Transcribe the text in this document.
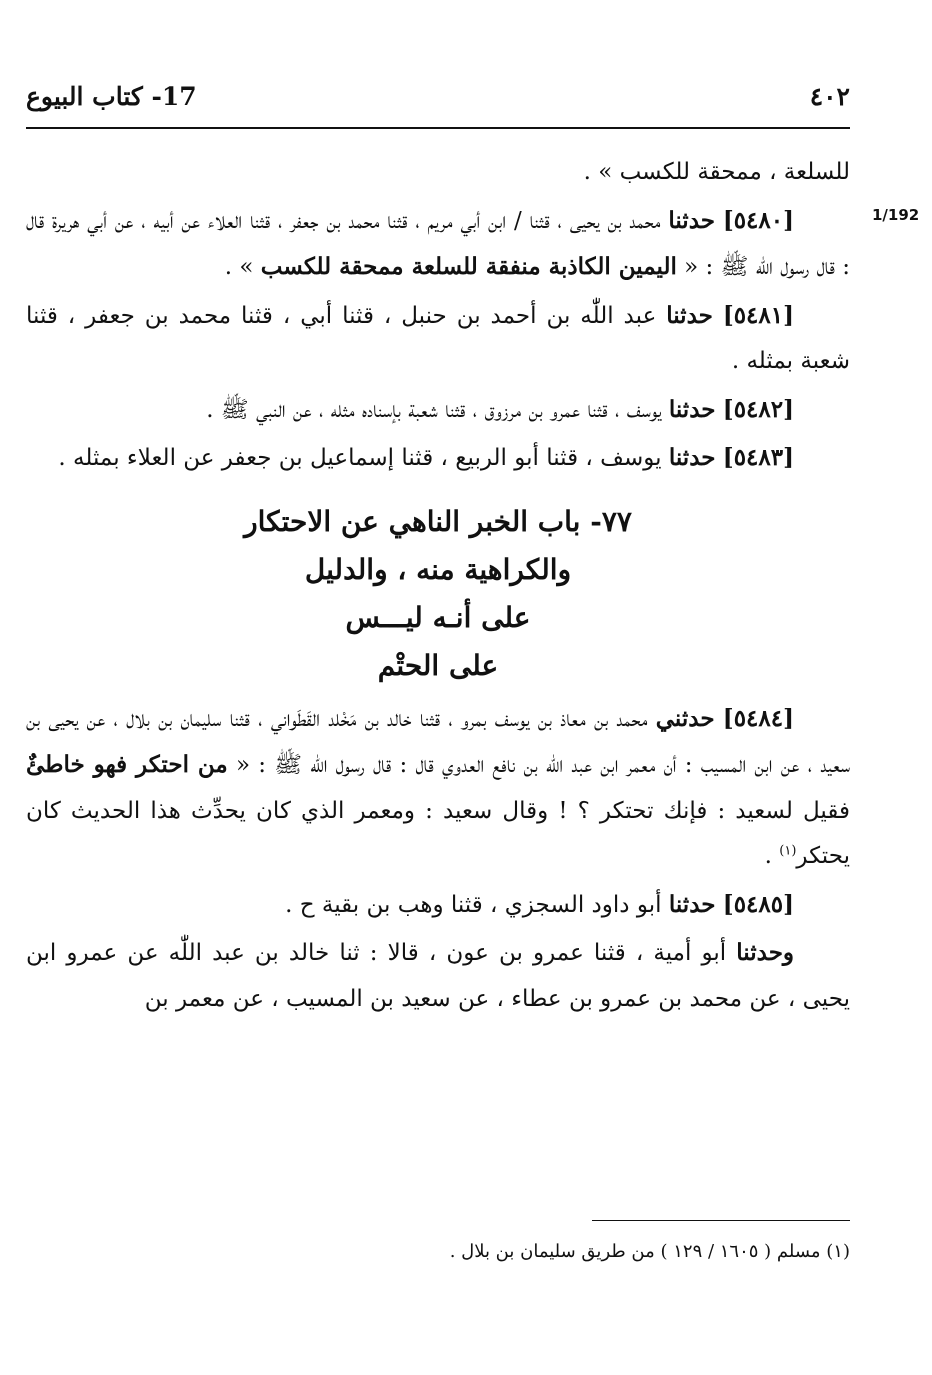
٤٠٢
17- كتاب البيوع
1/192

للسلعة ، ممحقة للكسب » .

[٥٤٨٠] حدثنا محمد بن يحيى ، قثنا / ابن أبي مريم ، قثنا محمد بن جعفر ، قثنا العلاء عن أبيه ، عن أبي هريرة قال : قال رسول اللّٰه ﷺ : « اليمين الكاذبة منفقة للسلعة ممحقة للكسب » .

[٥٤٨١] حدثنا عبد اللّٰه بن أحمد بن حنبل ، قثنا أبي ، قثنا محمد بن جعفر ، قثنا شعبة بمثله .

[٥٤٨٢] حدثنا يوسف ، قثنا عمرو بن مرزوق ، قثنا شعبة بإسناده مثله ، عن النبي ﷺ .

[٥٤٨٣] حدثنا يوسف ، قثنا أبو الربيع ، قثنا إسماعيل بن جعفر عن العلاء بمثله .

٧٧- باب الخبر الناهي عن الاحتكار
والكراهية منه ، والدليل
على أنـه ليـــس
على الحتْم

[٥٤٨٤] حدثني محمد بن معاذ بن يوسف بمرو ، قثنا خالد بن مَخْلد القَطَواني ، قثنا سليمان بن بلال ، عن يحيى بن سعيد ، عن ابن المسيب : أن معمر ابن عبد اللّٰه بن نافع العدوي قال : قال رسول اللّٰه ﷺ : « من احتكر فهو خاطئٌ فقيل لسعيد : فإنك تحتكر ؟ ! وقال سعيد : ومعمر الذي كان يحدِّث هذا الحديث كان يحتكر$^{(١)}$ .

[٥٤٨٥] حدثنا أبو داود السجزي ، قثنا وهب بن بقية ح .

وحدثنا أبو أمية ، قثنا عمرو بن عون ، قالا : ثنا خالد بن عبد اللّٰه عن عمرو ابن يحيى ، عن محمد بن عمرو بن عطاء ، عن سعيد بن المسيب ، عن معمر بن

(١) مسلم ( ١٦٠٥ / ١٢٩ ) من طريق سليمان بن بلال .
